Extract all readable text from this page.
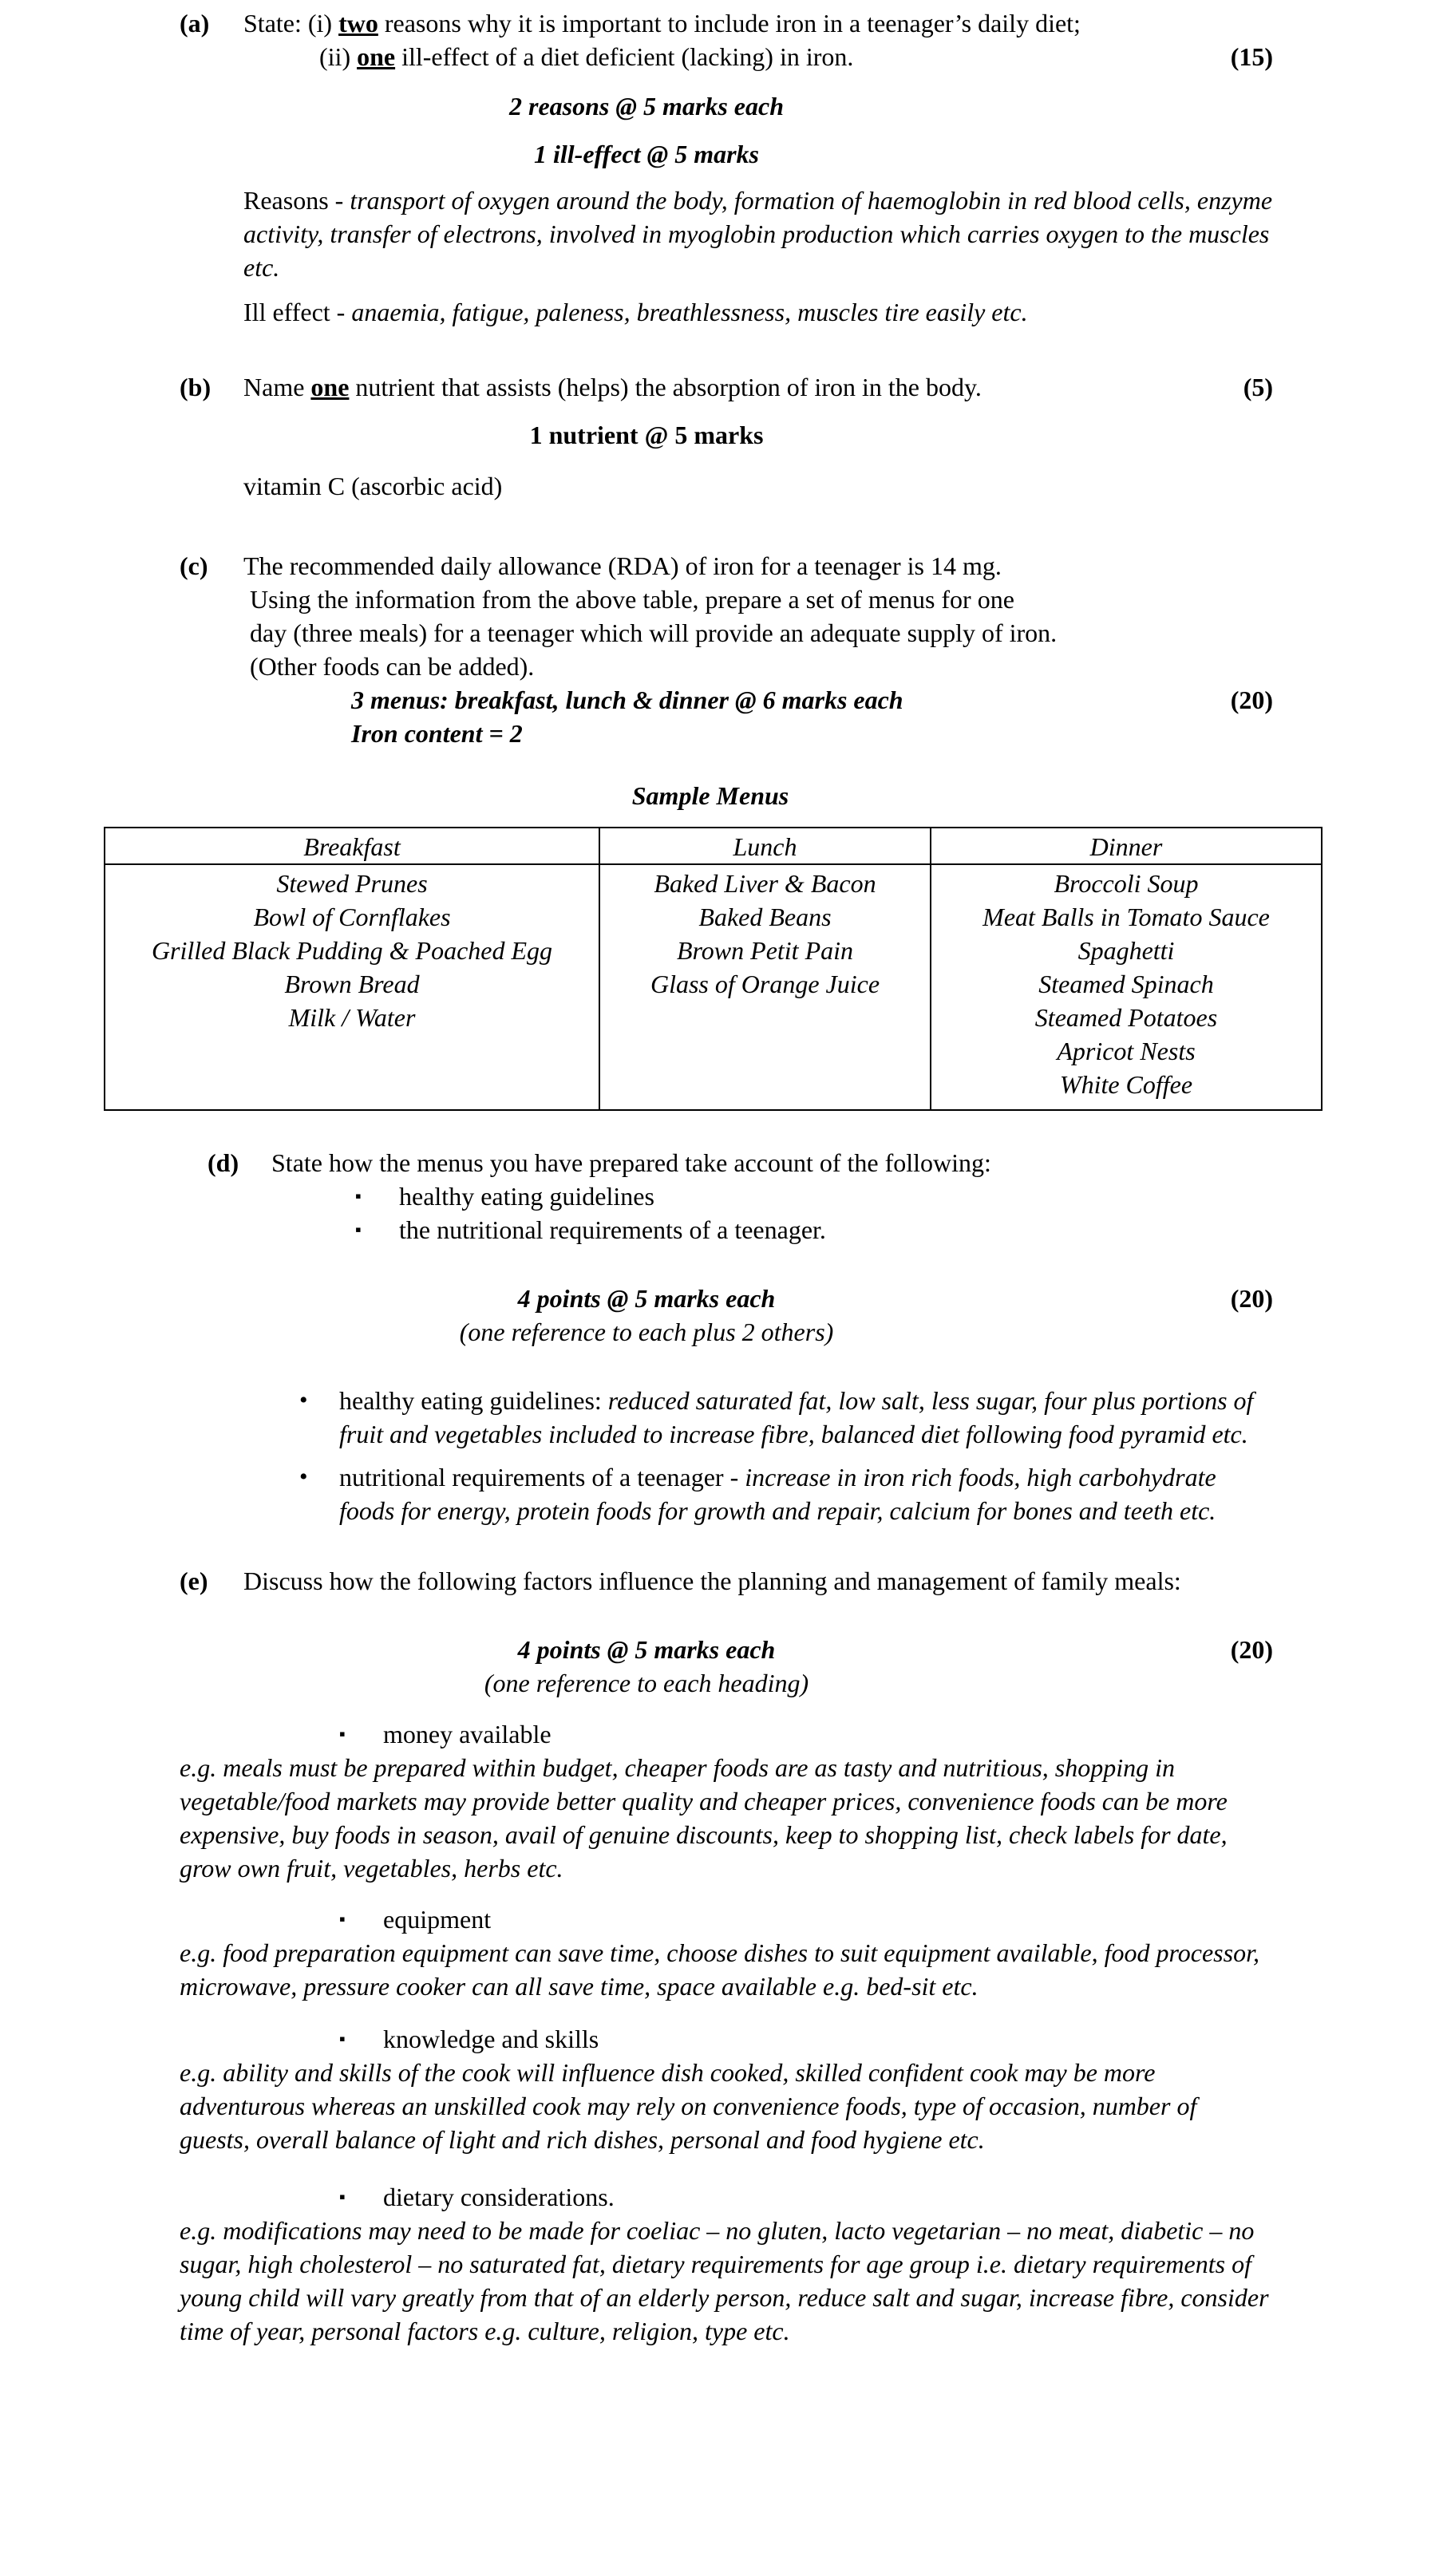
(a)	State: (i) two reasons why it is important to include iron in a teenager’s daily diet;
(ii) one ill-effect of a diet deficient (lacking) in iron.	(15)
2 reasons @ 5 marks each
1 ill-effect @ 5 marks

Reasons - transport of oxygen around the body, formation of haemoglobin in red blood cells, enzyme activity, transfer of electrons, involved in myoglobin production which carries oxygen to the muscles etc.

Ill effect - anaemia, fatigue, paleness, breathlessness, muscles tire easily etc.

(b)	Name one nutrient that assists (helps) the absorption of iron in the body.	(5)
1 nutrient @ 5 marks

vitamin C (ascorbic acid)

(c)	The recommended daily allowance (RDA) of iron for a teenager is 14 mg.
Using the information from the above table, prepare a set of menus for one
day (three meals) for a teenager which will provide an adequate supply of iron.
(Other foods can be added).
3 menus: breakfast, lunch & dinner @ 6 marks each	(20)
Iron content = 2
Sample Menus
Breakfast	Lunch	Dinner

Stewed Prunes
Bowl of Cornflakes
Grilled Black Pudding & Poached Egg
Brown Bread
Milk / Water

Baked Liver & Bacon
Baked Beans
Brown Petit Pain
Glass of Orange Juice

Broccoli Soup
Meat Balls in Tomato Sauce
Spaghetti
Steamed Spinach
Steamed Potatoes
Apricot Nests
White Coffee
(d)	State how the menus you have prepared take account of the following:
▪ healthy eating guidelines
▪ the nutritional requirements of a teenager.
4 points @ 5 marks each	(20)
(one reference to each plus 2 others)
• healthy eating guidelines: reduced saturated fat, low salt, less sugar, four plus portions of fruit and vegetables included to increase fibre, balanced diet following food pyramid etc.
• nutritional requirements of a teenager - increase in iron rich foods, high carbohydrate foods for energy, protein foods for growth and repair, calcium for bones and teeth etc.
(e)	Discuss how the following factors influence the planning and management of family meals:
4 points @ 5 marks each	(20)
(one reference to each heading)
▪ money available
e.g. meals must be prepared within budget, cheaper foods are as tasty and nutritious, shopping in vegetable/food markets may provide better quality and cheaper prices, convenience foods can be more expensive, buy foods in season, avail of genuine discounts, keep to shopping list, check labels for date, grow own fruit, vegetables, herbs etc.
▪ equipment
e.g. food preparation equipment can save time, choose dishes to suit equipment available, food processor, microwave, pressure cooker can all save time, space available e.g. bed-sit etc.
▪ knowledge and skills
e.g. ability and skills of the cook will influence dish cooked, skilled confident cook may be more adventurous whereas an unskilled cook may rely on convenience foods, type of occasion, number of guests, overall balance of light and rich dishes, personal and food hygiene etc.
▪ dietary considerations.
e.g. modifications may need to be made for coeliac – no gluten, lacto vegetarian – no meat, diabetic – no sugar, high cholesterol – no saturated fat, dietary requirements for age group i.e. dietary requirements of young child will vary greatly from that of an elderly person, reduce salt and sugar, increase fibre, consider time of year, personal factors e.g. culture, religion, type etc.
